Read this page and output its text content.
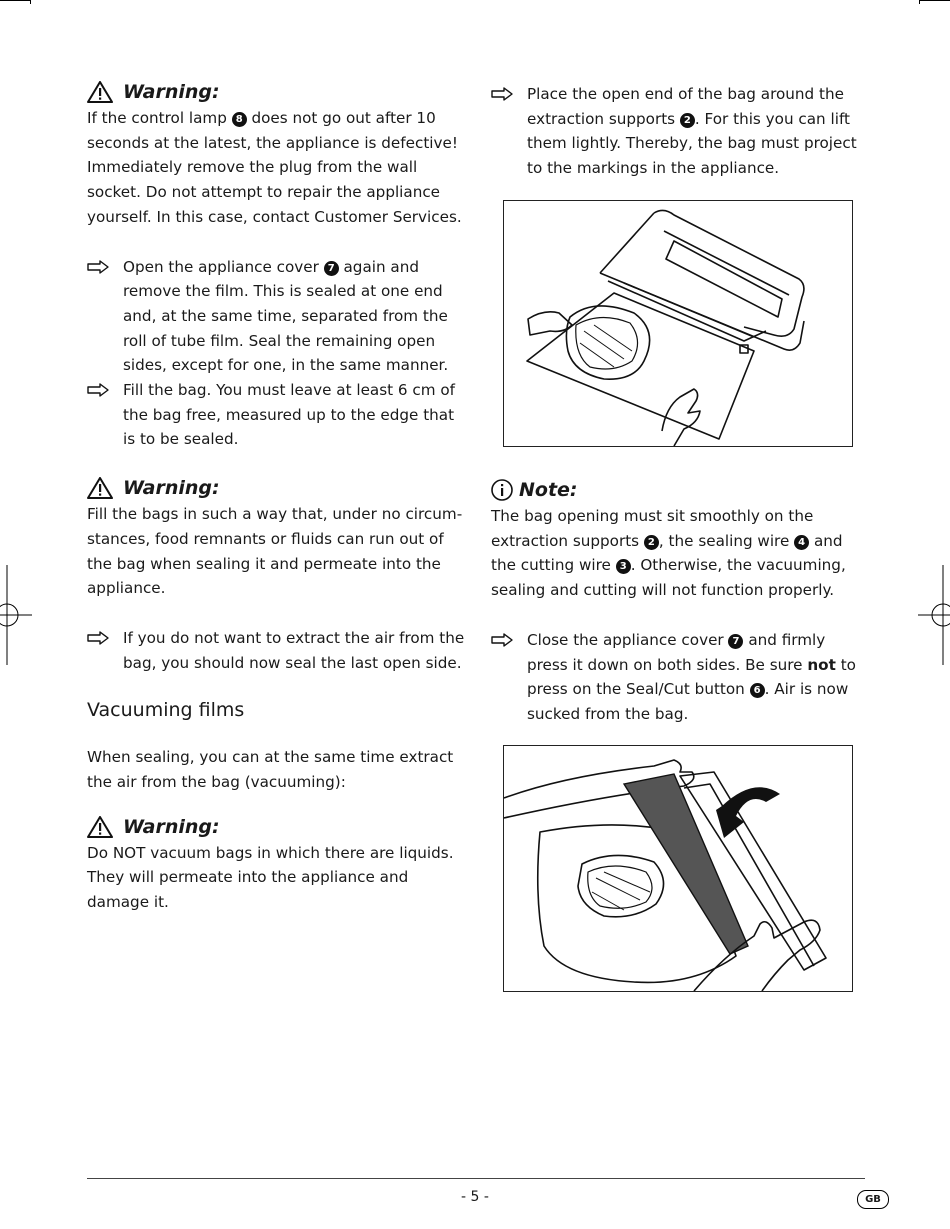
Warning:

If the control lamp 8 does not go out after 10 seconds at the latest, the appliance is defective! Immediately remove the plug from the wall socket. Do not attempt to repair the appliance yourself. In this case, contact Customer Services.

Open the appliance cover 7 again and remove the film. This is sealed at one end and, at the same time, separated from the roll of tube film. Seal the remaining open sides, except for one, in the same manner.
Fill the bag. You must leave at least 6 cm of the bag free, measured up to the edge that is to be sealed.
Warning:

Fill the bags in such a way that, under no circum-stances, food remnants or fluids can run out of the bag when sealing it and permeate into the appliance.

If you do not want to extract the air from the bag, you should now seal the last open side.
Vacuuming films

When sealing, you can at the same time extract the air from the bag (vacuuming):

Warning:

Do NOT vacuum bags in which there are liquids. They will permeate into the appliance and damage it.

Place the open end of the bag around the extraction supports 2 . For this you can lift them lightly. Thereby, the bag must project to the markings in the appliance.
Note:

The bag opening must sit smoothly on the extraction supports 2 , the sealing wire 4 and the cutting wire 3 . Otherwise, the vacuuming, sealing and cutting will not function properly.

Close the appliance cover 7 and firmly press it down on both sides. Be sure not to press on the Seal/Cut button 6 . Air is now sucked from the bag.
- 5 -	GB
